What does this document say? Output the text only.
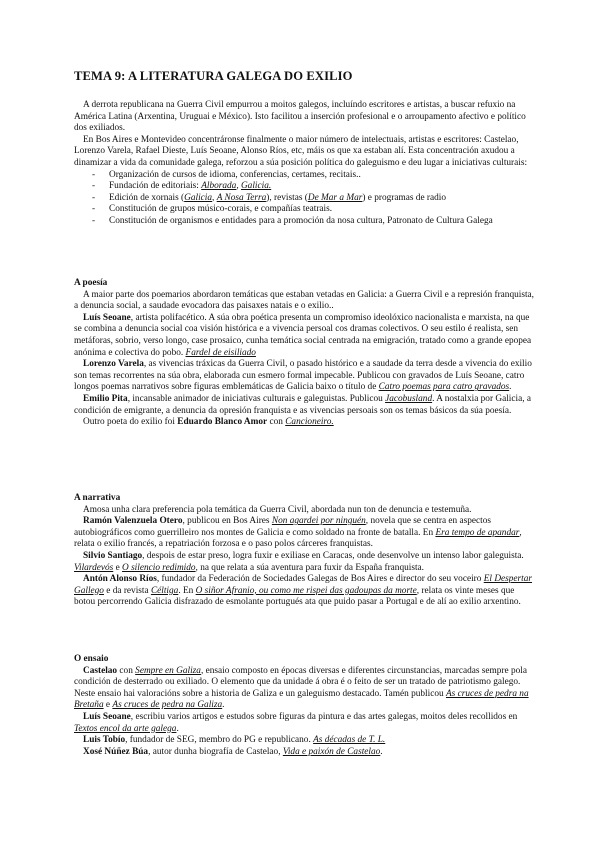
TEMA 9: A LITERATURA GALEGA DO EXILIO

A derrota republicana na Guerra Civil empurrou a moitos galegos, incluíndo escritores e artistas, a buscar refuxio na América Latina (Arxentina, Uruguai e México). Isto facilitou a inserción profesional e o arroupamento afectivo e político dos exiliados.

En Bos Aires e Montevideo concentráronse finalmente o maior número de intelectuais, artistas e escritores: Castelao, Lorenzo Varela, Rafael Dieste, Luís Seoane, Alonso Ríos, etc, máis os que xa estaban alí. Esta concentración axudou a dinamizar a vida da comunidade galega, reforzou a súa posición política do galeguismo e deu lugar a iniciativas culturais:

- Organización de cursos de idioma, conferencias, certames, recitais..
- Fundación de editoriais: Alborada, Galicia.
- Edición de xornais (Galicia, A Nosa Terra), revistas (De Mar a Mar) e programas de radio
- Constitución de grupos músico-corais, e compañías teatrais.
- Constitución de organismos e entidades para a promoción da nosa cultura, Patronato de Cultura Galega

A poesía

A maior parte dos poemarios abordaron temáticas que estaban vetadas en Galicia: a Guerra Civil e a represión franquista, a denuncia social, a saudade evocadora das paisaxes natais e o exilio..

Luís Seoane, artista polifacético. A súa obra poética presenta un compromiso ideolóxico nacionalista e marxista, na que se combina a denuncia social coa visión histórica e a vivencia persoal cos dramas colectivos. O seu estilo é realista, sen metáforas, sobrio, verso longo, case prosaico, cunha temática social centrada na emigración, tratado como a grande epopea anónima e colectiva do pobo. Fardel de eisiliado

Lorenzo Varela, as vivencias tráxicas da Guerra Civil, o pasado histórico e a saudade da terra desde a vivencia do exilio son temas recorrentes na súa obra, elaborada cun esmero formal impecable. Publicou con gravados de Luís Seoane, catro longos poemas narrativos sobre figuras emblemáticas de Galicia baixo o título de Catro poemas para catro gravados.

Emilio Pita, incansable animador de iniciativas culturais e galeguistas. Publicou Jacobusland. A nostalxia por Galicia, a condición de emigrante, a denuncia da opresión franquista e as vivencias persoais son os temas básicos da súa poesía.

Outro poeta do exilio foi Eduardo Blanco Amor con Cancioneiro.

A narrativa

Amosa unha clara preferencia pola temática da Guerra Civil, abordada nun ton de denuncia e testemuña.

Ramón Valenzuela Otero, publicou en Bos Aires Non agardei por ninguén, novela que se centra en aspectos autobiográficos como guerrilleiro nos montes de Galicia e como soldado na fronte de batalla. En Era tempo de apandar, relata o exilio francés, a repatriación forzosa e o paso polos cárceres franquistas.

Silvio Santiago, despois de estar preso, logra fuxir e exiliase en Caracas, onde desenvolve un intenso labor galeguista. Vilardevós e O silencio redimido, na que relata a súa aventura para fuxir da España franquista.

Antón Alonso Ríos, fundador da Federación de Sociedades Galegas de Bos Aires e director do seu voceiro El Despertar Gallego e da revista Céltiga. En O siñor Afranio, ou como me rispei das gadoupas da morte, relata os vinte meses que botou percorrendo Galicia disfrazado de esmolante portugués ata que puido pasar a Portugal e de alí ao exilio arxentino.

O ensaio

Castelao con Sempre en Galiza, ensaio composto en épocas diversas e diferentes circunstancias, marcadas sempre pola condición de desterrado ou exiliado. O elemento que da unidade á obra é o feito de ser un tratado de patriotismo galego. Neste ensaio hai valoracións sobre a historia de Galiza e un galeguismo destacado. Tamén publicou As cruces de pedra na Bretaña e As cruces de pedra na Galiza.

Luís Seoane, escribiu varios artigos e estudos sobre figuras da pintura e das artes galegas, moitos deles recollidos en Textos encol da arte galega.

Luis Tobío, fundador de SEG, membro do PG e republicano. As décadas de T. L.

Xosé Núñez Búa, autor dunha biografía de Castelao, Vida e paixón de Castelao.
